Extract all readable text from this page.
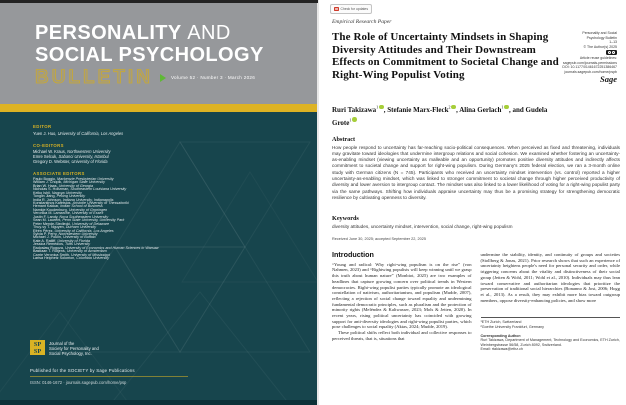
PERSONALITY AND
SOCIAL PSYCHOLOGY
BULLETIN	Volume 52 · Number 3 · March 2026
EDITOR
Yuen J. Huo, University of California, Los Angeles
CO-EDITORS
Michael W. Kraus, Northwestern University
Emre Selcuk, Sabanci University, Istanbul
Gregory D. Webster, University of Florida
ASSOCIATE EDITORS
Paulo Boggio, Mackenzie Presbyterian University
William J. Chopik, Michigan State University
Brian W. Haas, University of Georgia
Nicholas S. Holtzman, Southeastern Louisiana University
Keiko Ishii, Nagoya University
Tonglin Jiang, Peking University
India R. Johnson, Indiana University, Indianapolis
Konstantinos Kafetsios, Aristotle University of Thessaloniki
Hemant Kakkar, Indian School of Business
Namkje Koudenburg, University of Groningen
Veronica M. Lamarche, University of Essex
Justin F. Landy, Nova Southeastern University
Sean M. Laurent, Penn State University, University Park
Peter Mende-Siedlecki, University of Delaware
Thuy-vy T. Nguyen, Durham University
Efrén Pérez, University of California, Los Angeles
Sylvia P. Perry, Northwestern University
Michael J. Poulin, University of Buffalo
Kate A. Ratliff, University of Florida
Jessica Remedios, Tufts University
Radosław Rogoza, University of Economics and Human Sciences in Warsaw
Bastiaan T. Rutjens, University of Amsterdam
Carrie Veronica Smith, University of Mississippi
Larisa Heiphetz Solomon, Columbia University
SP
SP
Journal of the
Society for Personality and
Social Psychology, Inc.
Published for the SOCIETY by Sage Publications
ISSN: 0146-1672 · journals.sagepub.com/home/psp
Check for updates
Empirical Research Paper
The Role of Uncertainty Mindsets in Shaping Diversity Attitudes and Their Downstream Effects on Commitment to Societal Change and Right-Wing Populist Voting
Personality and Social
Psychology Bulletin
1–13
© The Author(s) 2025
Article reuse guidelines:
sagepub.com/journals-permissions
DOI: 10.1177/01461672251386467
journals.sagepub.com/home/pspb
Sage
Ruri Takizawa$^1$ , Stefanie Marx-Fleck$^2$ , Alina Gerlach$^1$ , and Gudela Grote$^1$
Abstract
How people respond to uncertainty has far-reaching socio-political consequences. When perceived as fixed and threatening, individuals may gravitate toward ideologies that undermine intergroup relations and social cohesion. We examined whether fostering an uncertainty-as-enabling mindset (viewing uncertainty as malleable and an opportunity) promotes positive diversity attitudes and indirectly affects commitment to societal change and support for right-wing populism. During Germany's 2025 federal election, we ran a 3-month online study with German citizens (N = 745). Participants who received an uncertainty mindset intervention (vs. control) reported a higher uncertainty-as-enabling mindset, which was linked to stronger commitment to societal change through higher perceived productivity of diversity and lower aversion to intergroup contact. The mindset was also linked to a lower likelihood of voting for a right-wing populist party via the same pathways. Shifting how individuals appraise uncertainty may thus be a promising strategy for strengthening democratic resilience by cultivating openness to diversity.
Keywords
diversity attitudes, uncertainty mindset, intervention, social change, right-wing populism
Received June 30, 2025; accepted September 22, 2025
Introduction

“Young and radical: Why right-wing populism is on the rise” (von Nahmen, 2023) and “Rightwing populists will keep winning until we grasp this truth about human nature” (Monbiot, 2025) are two examples of headlines that capture growing concern over political trends in Western democracies. Right-wing populist parties typically promote an ideological constellation of nativism, authoritarianism, and populism (Mudde, 2007), reflecting a rejection of social change toward equality and undermining fundamental democratic principles, such as pluralism and the protection of minority rights (Meléndez & Kaltwasser, 2023; Mols & Jetten, 2020). In recent years, rising political uncertainty has coincided with growing support for anti-diversity ideologies and right-wing populist parties, which pose challenges to social equality (Aktas, 2024; Mudde, 2019).

These political shifts reflect both individual and collective responses to perceived threats, that is, situations that

undermine the stability, identity, and continuity of groups and societies (Stollberg & Jonas, 2021). Prior research shows that such an experience of uncertainty heightens people's need for personal security and order, while triggering concerns about the vitality and distinctiveness of their social group (Jetten & Wohl, 2011; Wohl et al., 2010). Individuals may thus lean toward conservative and authoritarian ideologies that prioritize the preservation of traditional social hierarchies (Bonanno & Jost, 2006; Hogg et al., 2013). As a result, they may exhibit more bias toward outgroup members, oppose diversity-enhancing policies, and show more

¹ETH Zurich, Switzerland
²Goethe University Frankfurt, Germany
Corresponding Author:
Ruri Takizawa, Department of Management, Technology and Economics, ETH Zurich, Weinbergstrasse 56/58, Zurich 8092, Switzerland.
Email: rtakizawa@ethz.ch
